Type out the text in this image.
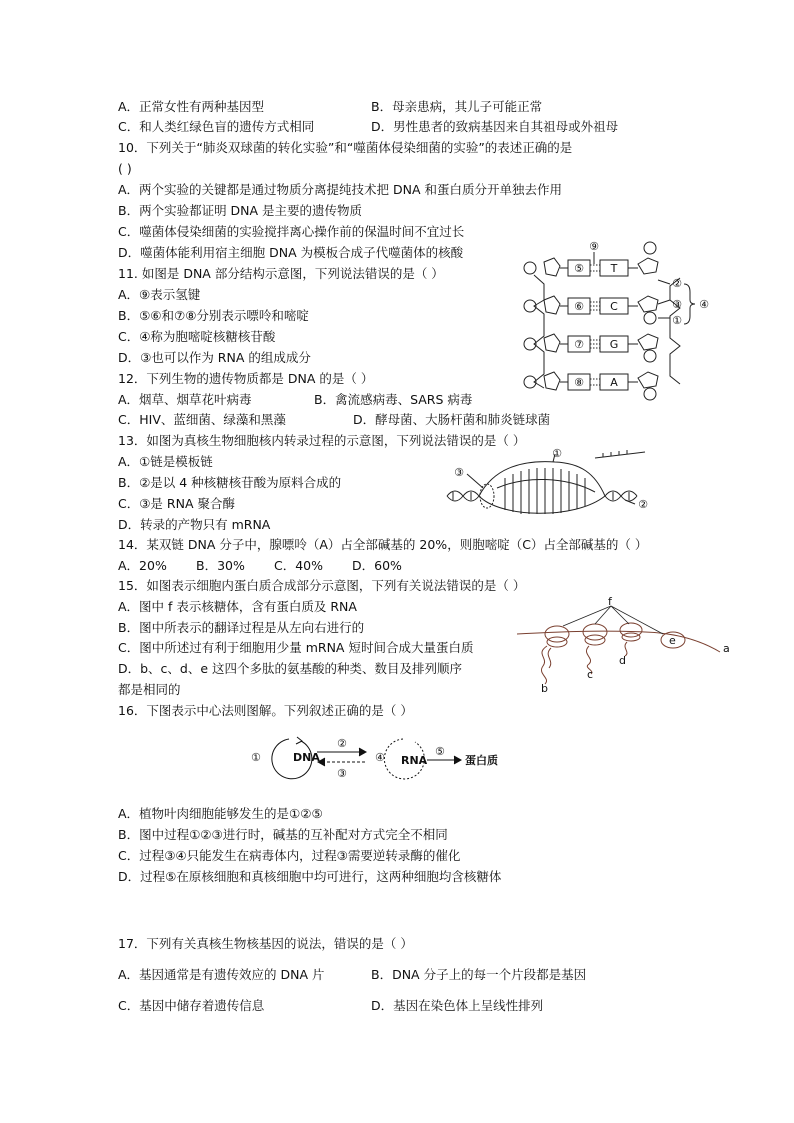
A．正常女性有两种基因型	B．母亲患病，其儿子可能正常
C．和人类红绿色盲的遗传方式相同	D．男性患者的致病基因来自其祖母或外祖母
10．下列关于“肺炎双球菌的转化实验”和“噬菌体侵染细菌的实验”的表述正确的是
( )
A．两个实验的关键都是通过物质分离提纯技术把 DNA 和蛋白质分开单独去作用
B．两个实验都证明 DNA 是主要的遗传物质
C．噬菌体侵染细菌的实验搅拌离心操作前的保温时间不宜过长
D．噬菌体能利用宿主细胞 DNA 为模板合成子代噬菌体的核酸
11. 如图是 DNA 部分结构示意图，下列说法错误的是（ ）
A．⑨表示氢键
B．⑤⑥和⑦⑧分别表示嘌呤和嘧啶
C．④称为胞嘧啶核糖核苷酸
D．③也可以作为 RNA 的组成成分
⑤
⑥
⑦
⑧
T
C
G
A
⑨
②
③
①
④
12．下列生物的遗传物质都是 DNA 的是（ ）
A．烟草、烟草花叶病毒	B．禽流感病毒、SARS 病毒
C．HIV、蓝细菌、绿藻和黑藻	D．酵母菌、大肠杆菌和肺炎链球菌
13．如图为真核生物细胞核内转录过程的示意图，下列说法错误的是（ ）
A．①链是模板链
B．②是以 4 种核糖核苷酸为原料合成的
C．③是 RNA 聚合酶
D．转录的产物只有 mRNA
①
②
③
14．某双链 DNA 分子中，腺嘌呤（A）占全部碱基的 20%，则胞嘧啶（C）占全部碱基的（ ）
A．20% B．30% C．40% D．60%
15．如图表示细胞内蛋白质合成部分示意图，下列有关说法错误的是（ ）
A．图中 f 表示核糖体，含有蛋白质及 RNA
B．图中所表示的翻译过程是从左向右进行的
C．图中所述过有利于细胞用少量 mRNA 短时间合成大量蛋白质
D．b、c、d、e 这四个多肽的氨基酸的种类、数目及排列顺序
都是相同的
f
a
b
c
d
e
16．下图表示中心法则图解。下列叙述正确的是（ ）
①	DNA
②
③
④ RNA
⑤
蛋白质
A．植物叶肉细胞能够发生的是①②⑤
B．图中过程①②③进行时，碱基的互补配对方式完全不相同
C．过程③④只能发生在病毒体内，过程③需要逆转录酶的催化
D．过程⑤在原核细胞和真核细胞中均可进行，这两种细胞均含核糖体
17．下列有关真核生物核基因的说法，错误的是（ ）
A．基因通常是有遗传效应的 DNA 片	B．DNA 分子上的每一个片段都是基因
C．基因中储存着遗传信息	D．基因在染色体上呈线性排列
